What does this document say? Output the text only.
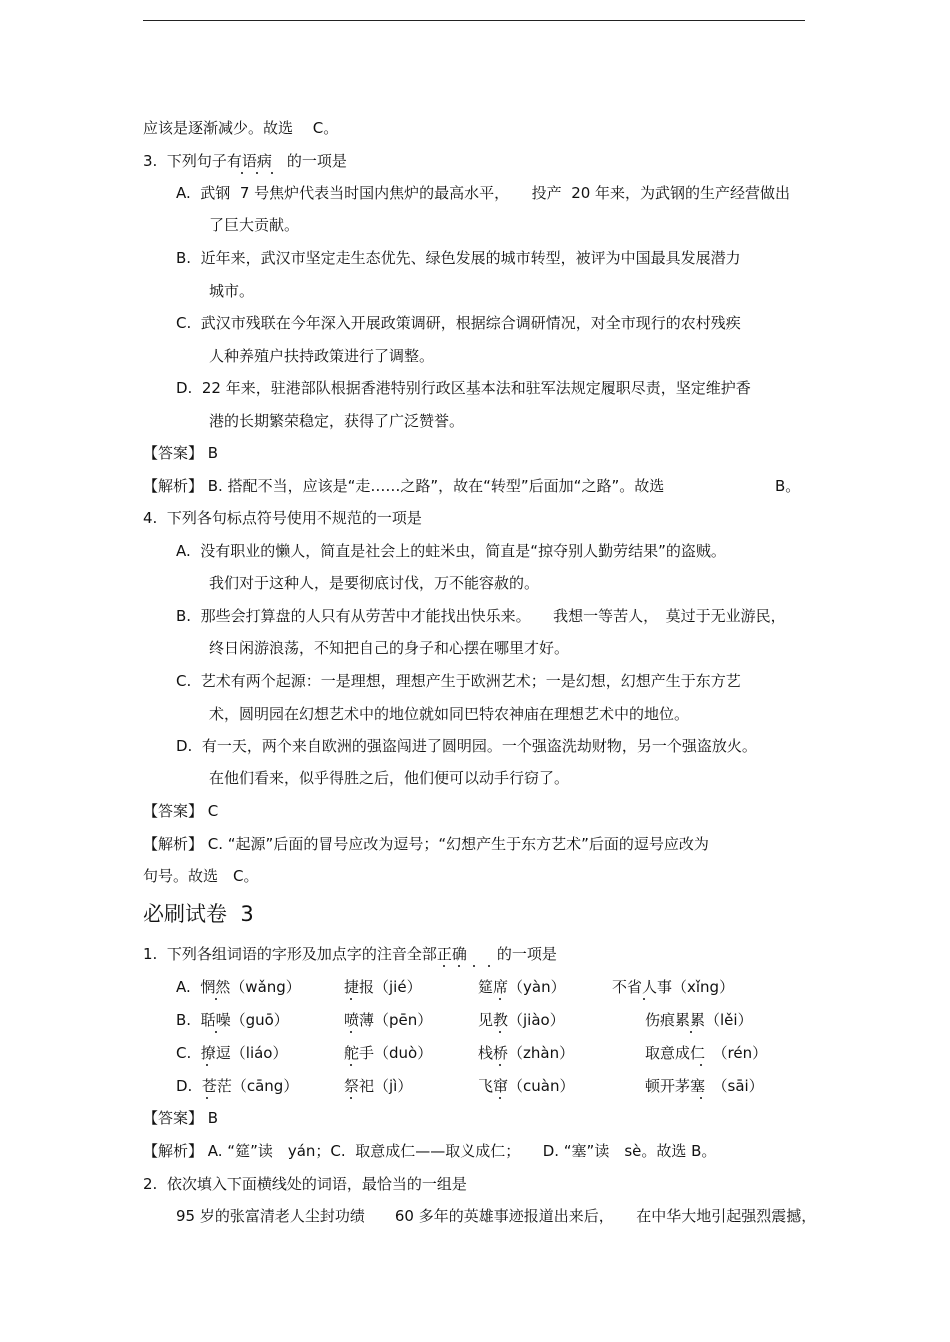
应该是逐渐减少。故选　 C。
3.  下列句子有语病　的一项是
A.  武钢  7 号焦炉代表当时国内焦炉的最高水平，　　投产  20 年来，为武钢的生产经营做出
了巨大贡献。
B.  近年来，武汉市坚定走生态优先、绿色发展的城市转型，被评为中国最具发展潜力
城市。
C.  武汉市残联在今年深入开展政策调研，根据综合调研情况，对全市现行的农村残疾
人种养殖户扶持政策进行了调整。
D.  22 年来，驻港部队根据香港特别行政区基本法和驻军法规定履职尽责，坚定维护香
港的长期繁荣稳定，获得了广泛赞誉。
【答案】 B
【解析】 B. 搭配不当，应该是“走……之路”，故在“转型”后面加“之路”。故选	B。
4.  下列各句标点符号使用不规范的一项是
A.  没有职业的懒人，简直是社会上的蛀米虫，简直是“掠夺别人勤劳结果”的盗贼。
我们对于这种人，是要彻底讨伐，万不能容赦的。
B.  那些会打算盘的人只有从劳苦中才能找出快乐来。　　我想一等苦人，　莫过于无业游民，
终日闲游浪荡，不知把自己的身子和心摆在哪里才好。
C.  艺术有两个起源：一是理想，理想产生于欧洲艺术；一是幻想，幻想产生于东方艺
术，圆明园在幻想艺术中的地位就如同巴特农神庙在理想艺术中的地位。
D.  有一天，两个来自欧洲的强盗闯进了圆明园。一个强盗洗劫财物，另一个强盗放火。
在他们看来，似乎得胜之后，他们便可以动手行窃了。
【答案】 C
【解析】 C. “起源”后面的冒号应改为逗号；“幻想产生于东方艺术”后面的逗号应改为
句号。故选　C。
必刷试卷  3
1.  下列各组词语的字形及加点字的注音全部正确　　的一项是
A.  惘然（wǎng）	捷报（jié）	筵席（yàn）	不省人事（xǐng）
B.  聒噪（guō）	喷薄（pēn）	见教（jiào）	伤痕累累（lěi）
C.  撩逗（liáo）	舵手（duò）	栈桥（zhàn）	取意成仁　（rén）
D.  苍茫（cāng）	祭祀（jì）	飞窜（cuàn）	顿开茅塞　（sāi）
【答案】 B
【解析】 A. “筵”读　yán；C.  取意成仁——取义成仁；　　D. “塞”读　sè。故选 B。
2.  依次填入下面横线处的词语，最恰当的一组是
95 岁的张富清老人尘封功绩　　60 多年的英雄事迹报道出来后，　　在中华大地引起强烈震撼，
